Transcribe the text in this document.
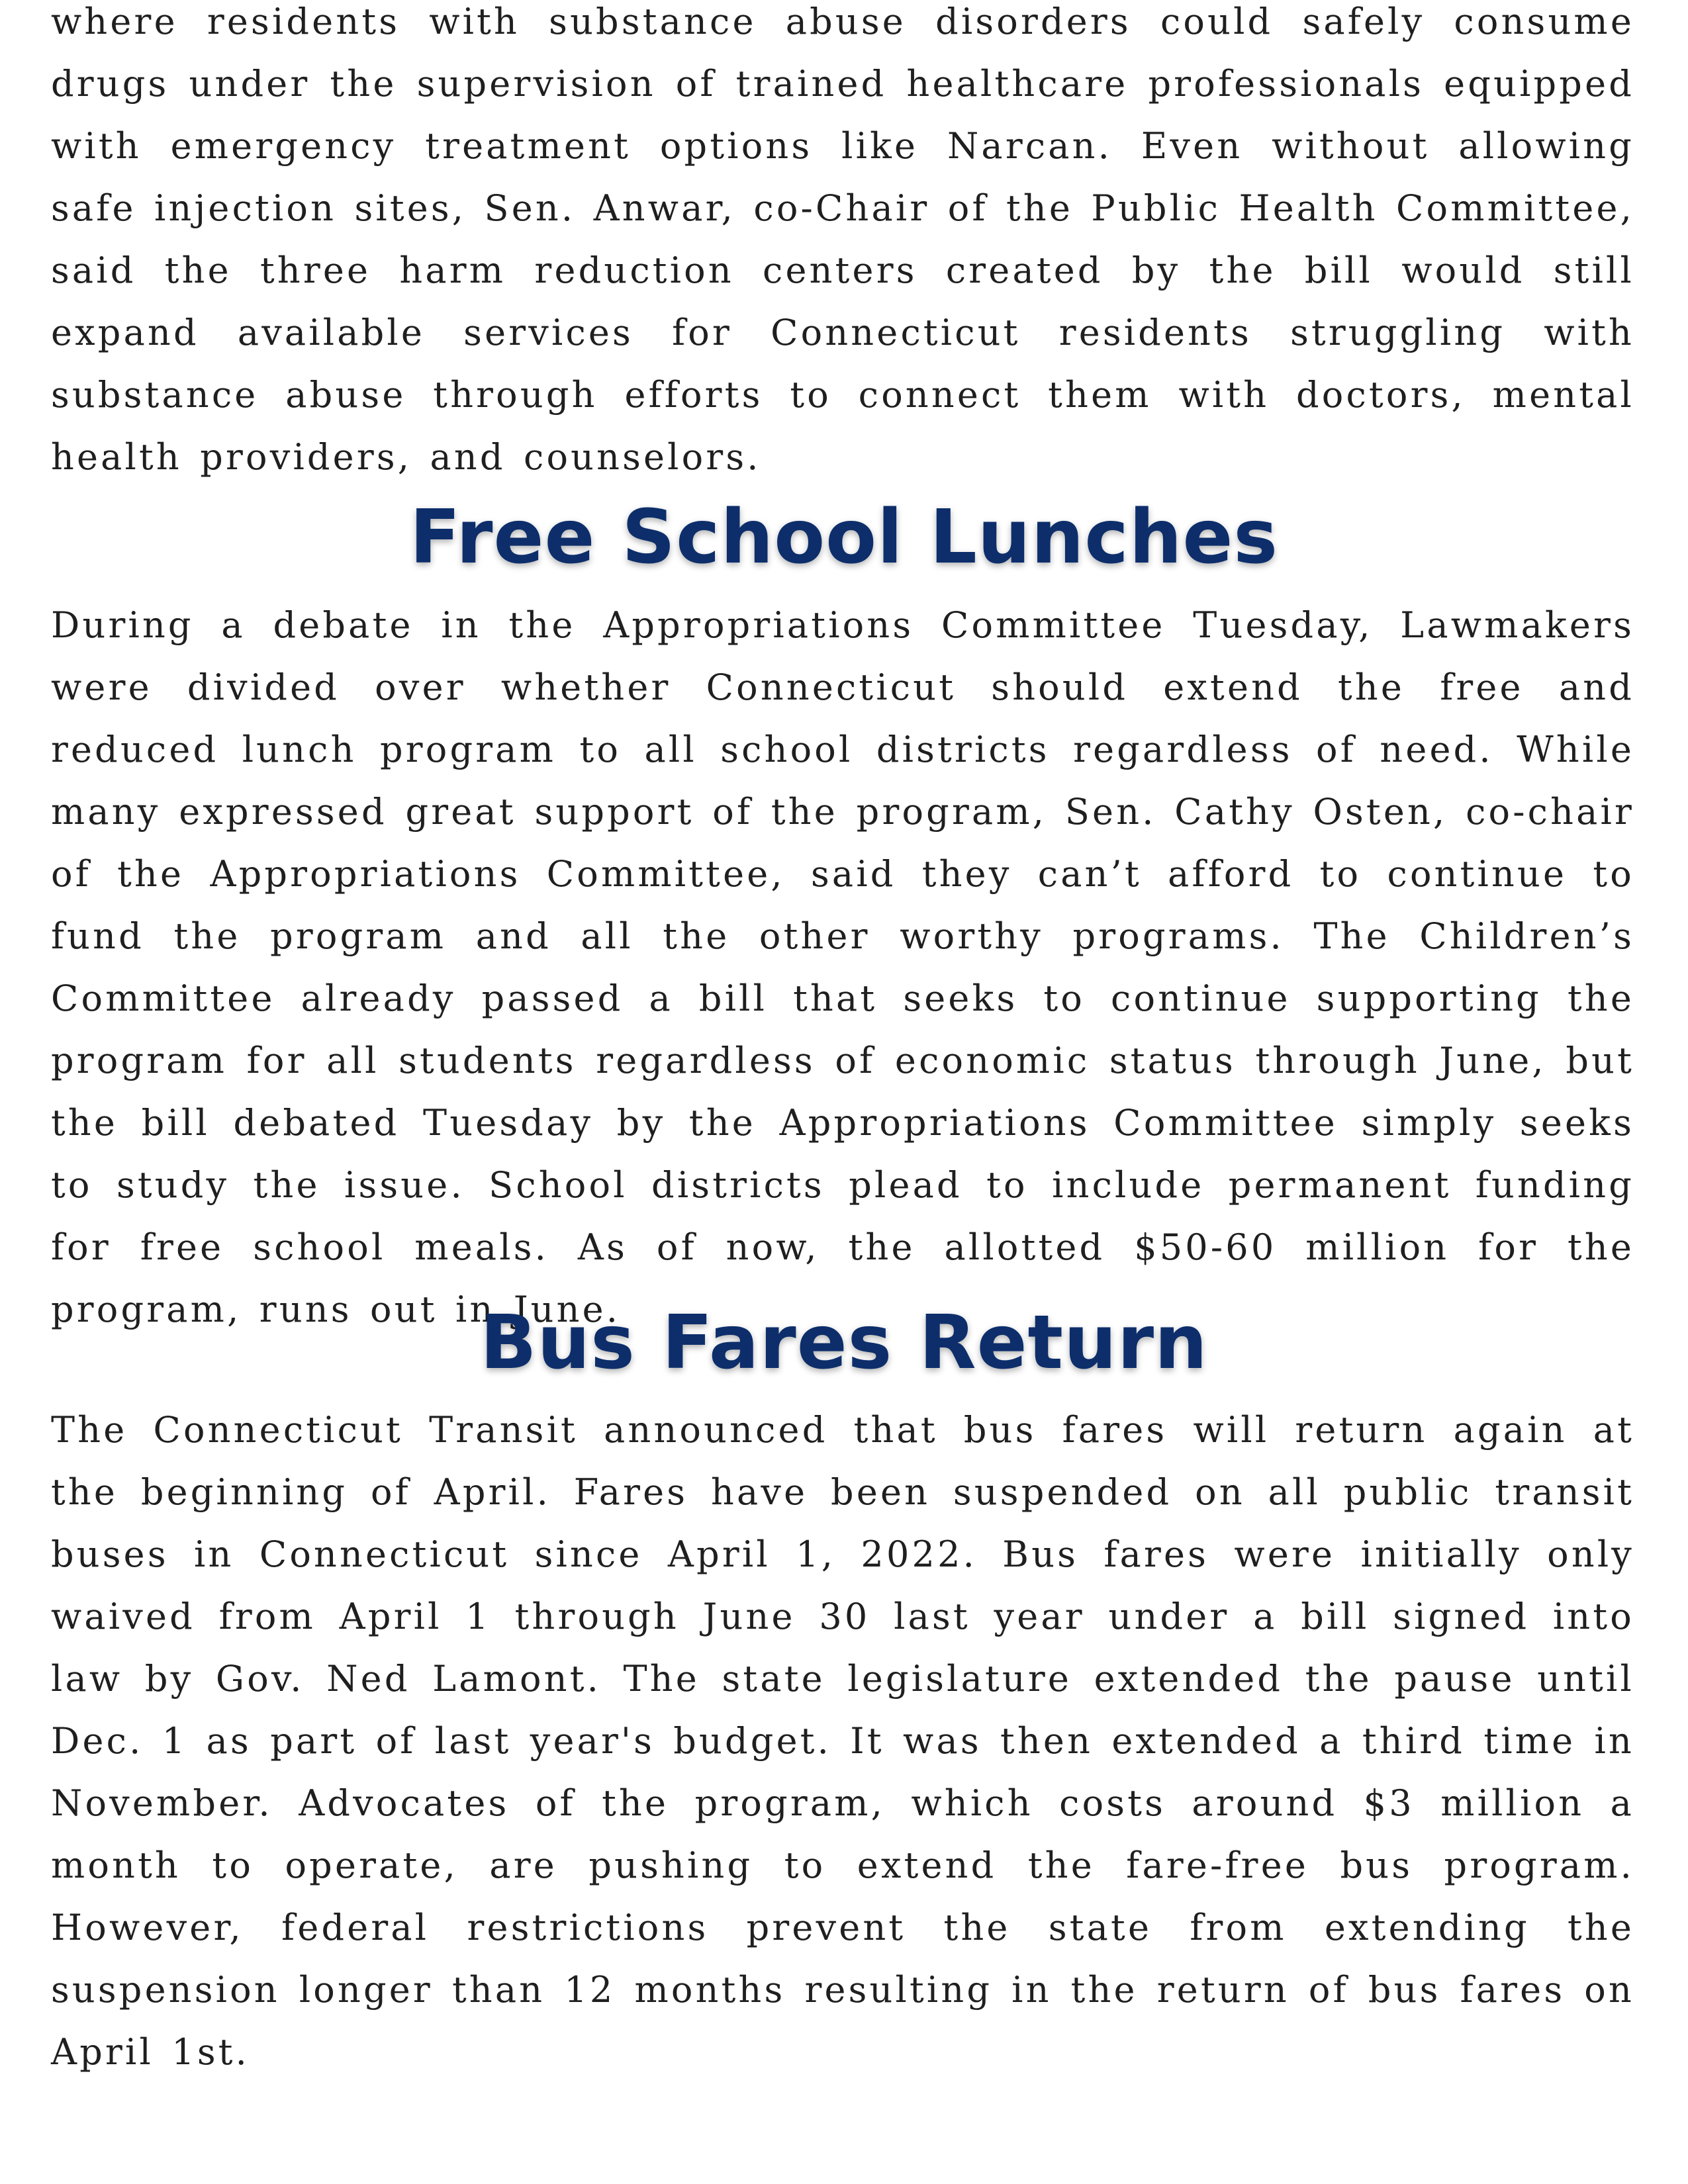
where residents with substance abuse disorders could safely consume drugs under the supervision of trained healthcare professionals equipped with emergency treatment options like Narcan. Even without allowing safe injection sites, Sen. Anwar, co-Chair of the Public Health Committee, said the three harm reduction centers created by the bill would still expand available services for Connecticut residents struggling with substance abuse through efforts to connect them with doctors, mental health providers, and counselors.

Free School Lunches

During a debate in the Appropriations Committee Tuesday, Lawmakers were divided over whether Connecticut should extend the free and reduced lunch program to all school districts regardless of need. While many expressed great support of the program, Sen. Cathy Osten, co-chair of the Appropriations Committee, said they can’t afford to continue to fund the program and all the other worthy programs. The Children’s Committee already passed a bill that seeks to continue supporting the program for all students regardless of economic status through June, but the bill debated Tuesday by the Appropriations Committee simply seeks to study the issue. School districts plead to include permanent funding for free school meals. As of now, the allotted $50-60 million for the program, runs out in June.

Bus Fares Return

The Connecticut Transit announced that bus fares will return again at the beginning of April. Fares have been suspended on all public transit buses in Connecticut since April 1, 2022. Bus fares were initially only waived from April 1 through June 30 last year under a bill signed into law by Gov. Ned Lamont. The state legislature extended the pause until Dec. 1 as part of last year's budget. It was then extended a third time in November. Advocates of the program, which costs around $3 million a month to operate, are pushing to extend the fare-free bus program. However, federal restrictions prevent the state from extending the suspension longer than 12 months resulting in the return of bus fares on April 1st.
